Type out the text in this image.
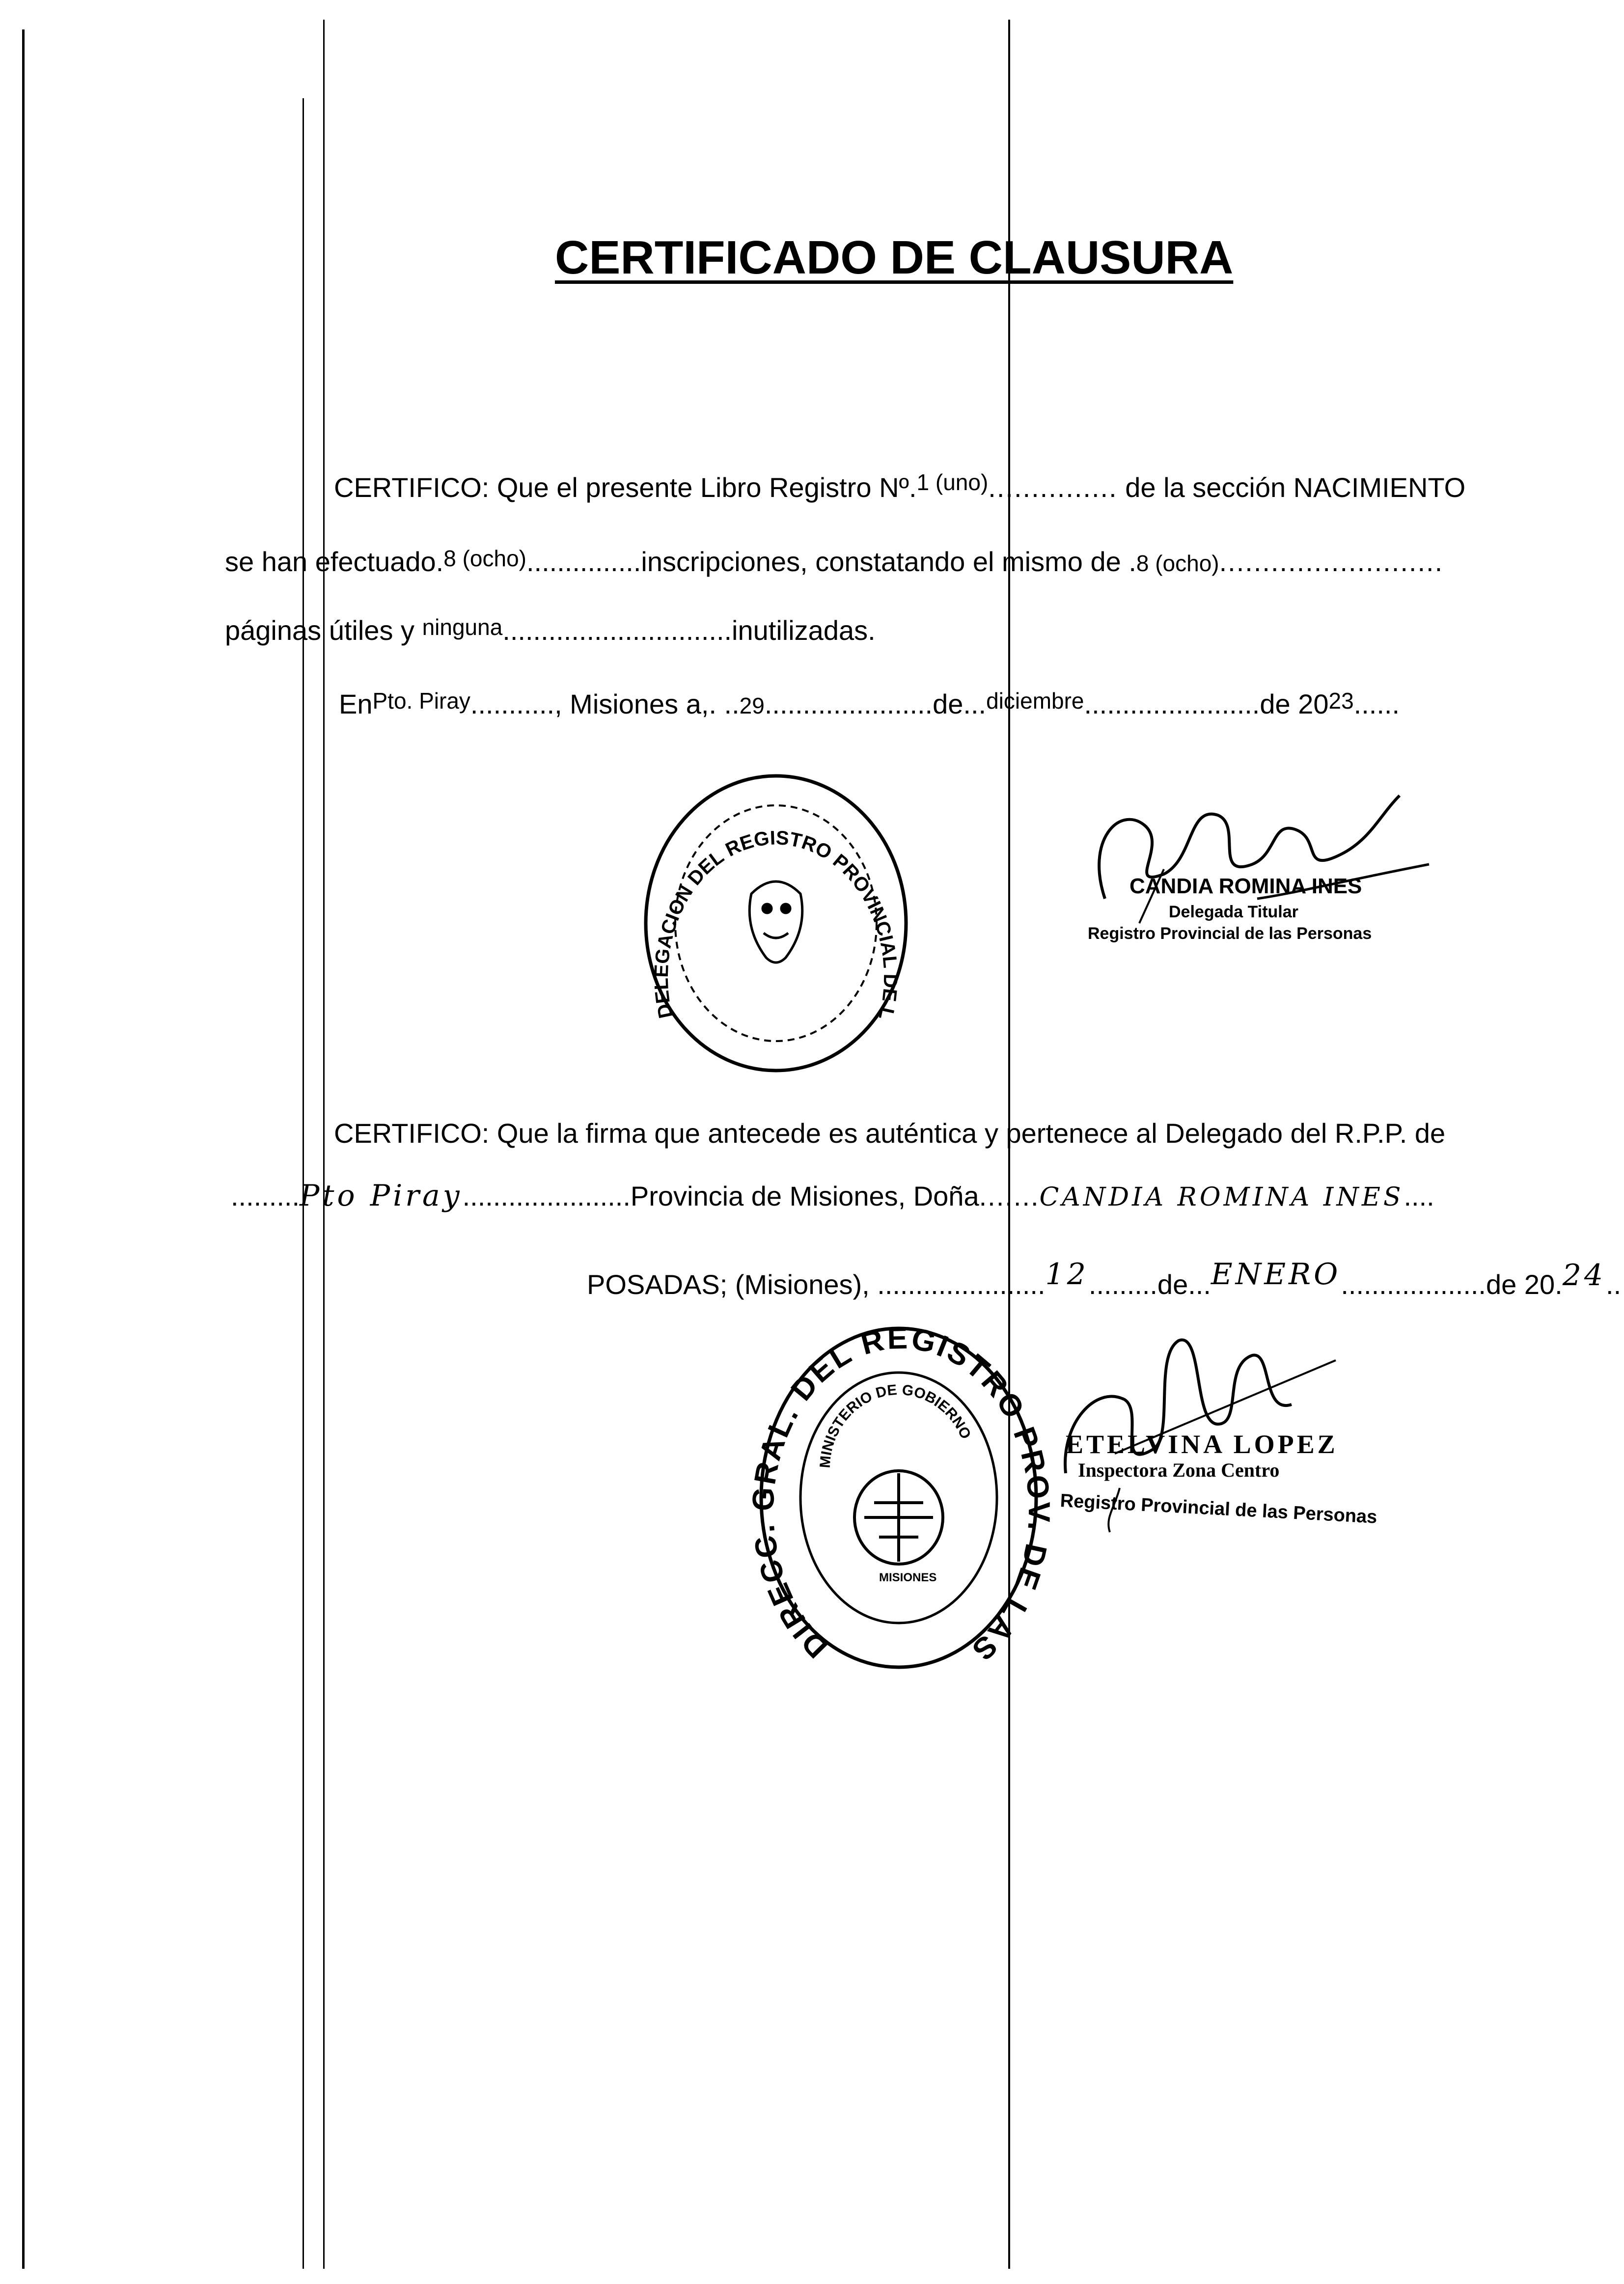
CERTIFICADO DE CLAUSURA
CERTIFICO: Que el presente Libro Registro Nº.$^{1 (uno)}$............... de la sección NACIMIENTO
se han efectuado.8 (ocho)...............inscripciones, constatando el mismo de .8 (ocho)..........................
páginas útiles y ninguna..............................inutilizadas.
EnPto. Piray..........., Misiones a,. ..29......................de...diciembre.......................de 2023......
DELEGACION DEL REGISTRO PROVINCIAL DE LAS PERSONAS
CANDIA ROMINA INES
Delegada Titular
Registro Provincial de las Personas
CERTIFICO: Que la firma que antecede es auténtica y pertenece al Delegado del R.P.P. de
.........Pto Piray......................Provincia de Misiones, Doña.......CANDIA ROMINA INES....
POSADAS; (Misiones), ......................12.........de...ENERO...................de 20.24..
DIRECC. GRAL. DEL REGISTRO PROV. DE LAS PERSONAS.
MINISTERIO DE GOBIERNO
MISIONES
ETELVINA LOPEZ
Inspectora Zona Centro
Registro Provincial de las Personas
